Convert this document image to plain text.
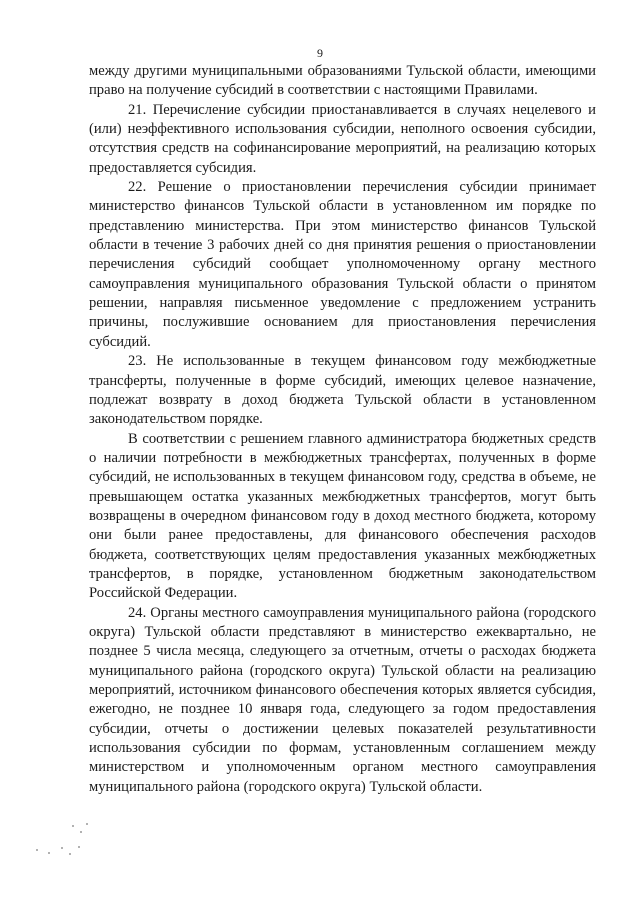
9

между другими муниципальными образованиями Тульской области, имеющими право на получение субсидий в соответствии с настоящими Правилами.

21. Перечисление субсидии приостанавливается в случаях нецелевого и (или) неэффективного использования субсидии, неполного освоения субсидии, отсутствия средств на софинансирование мероприятий, на реализацию которых предоставляется субсидия.

22. Решение о приостановлении перечисления субсидии принимает министерство финансов Тульской области в установленном им порядке по представлению министерства. При этом министерство финансов Тульской области в течение 3 рабочих дней со дня принятия решения о приостановлении перечисления субсидий сообщает уполномоченному органу местного самоуправления муниципального образования Тульской области о принятом решении, направляя письменное уведомление с предложением устранить причины, послужившие основанием для приостановления перечисления субсидий.

23. Не использованные в текущем финансовом году межбюджетные трансферты, полученные в форме субсидий, имеющих целевое назначение, подлежат возврату в доход бюджета Тульской области в установленном законодательством порядке.

В соответствии с решением главного администратора бюджетных средств о наличии потребности в межбюджетных трансфертах, полученных в форме субсидий, не использованных в текущем финансовом году, средства в объеме, не превышающем остатка указанных межбюджетных трансфертов, могут быть возвращены в очередном финансовом году в доход местного бюджета, которому они были ранее предоставлены, для финансового обеспечения расходов бюджета, соответствующих целям предоставления указанных межбюджетных трансфертов, в порядке, установленном бюджетным законодательством Российской Федерации.

24. Органы местного самоуправления муниципального района (городского округа) Тульской области представляют в министерство ежеквартально, не позднее 5 числа месяца, следующего за отчетным, отчеты о расходах бюджета муниципального района (городского округа) Тульской области на реализацию мероприятий, источником финансового обеспечения которых является субсидия, ежегодно, не позднее 10 января года, следующего за годом предоставления субсидии, отчеты о достижении целевых показателей результативности использования субсидии по формам, установленным соглашением между министерством и уполномоченным органом местного самоуправления муниципального района (городского округа) Тульской области.
